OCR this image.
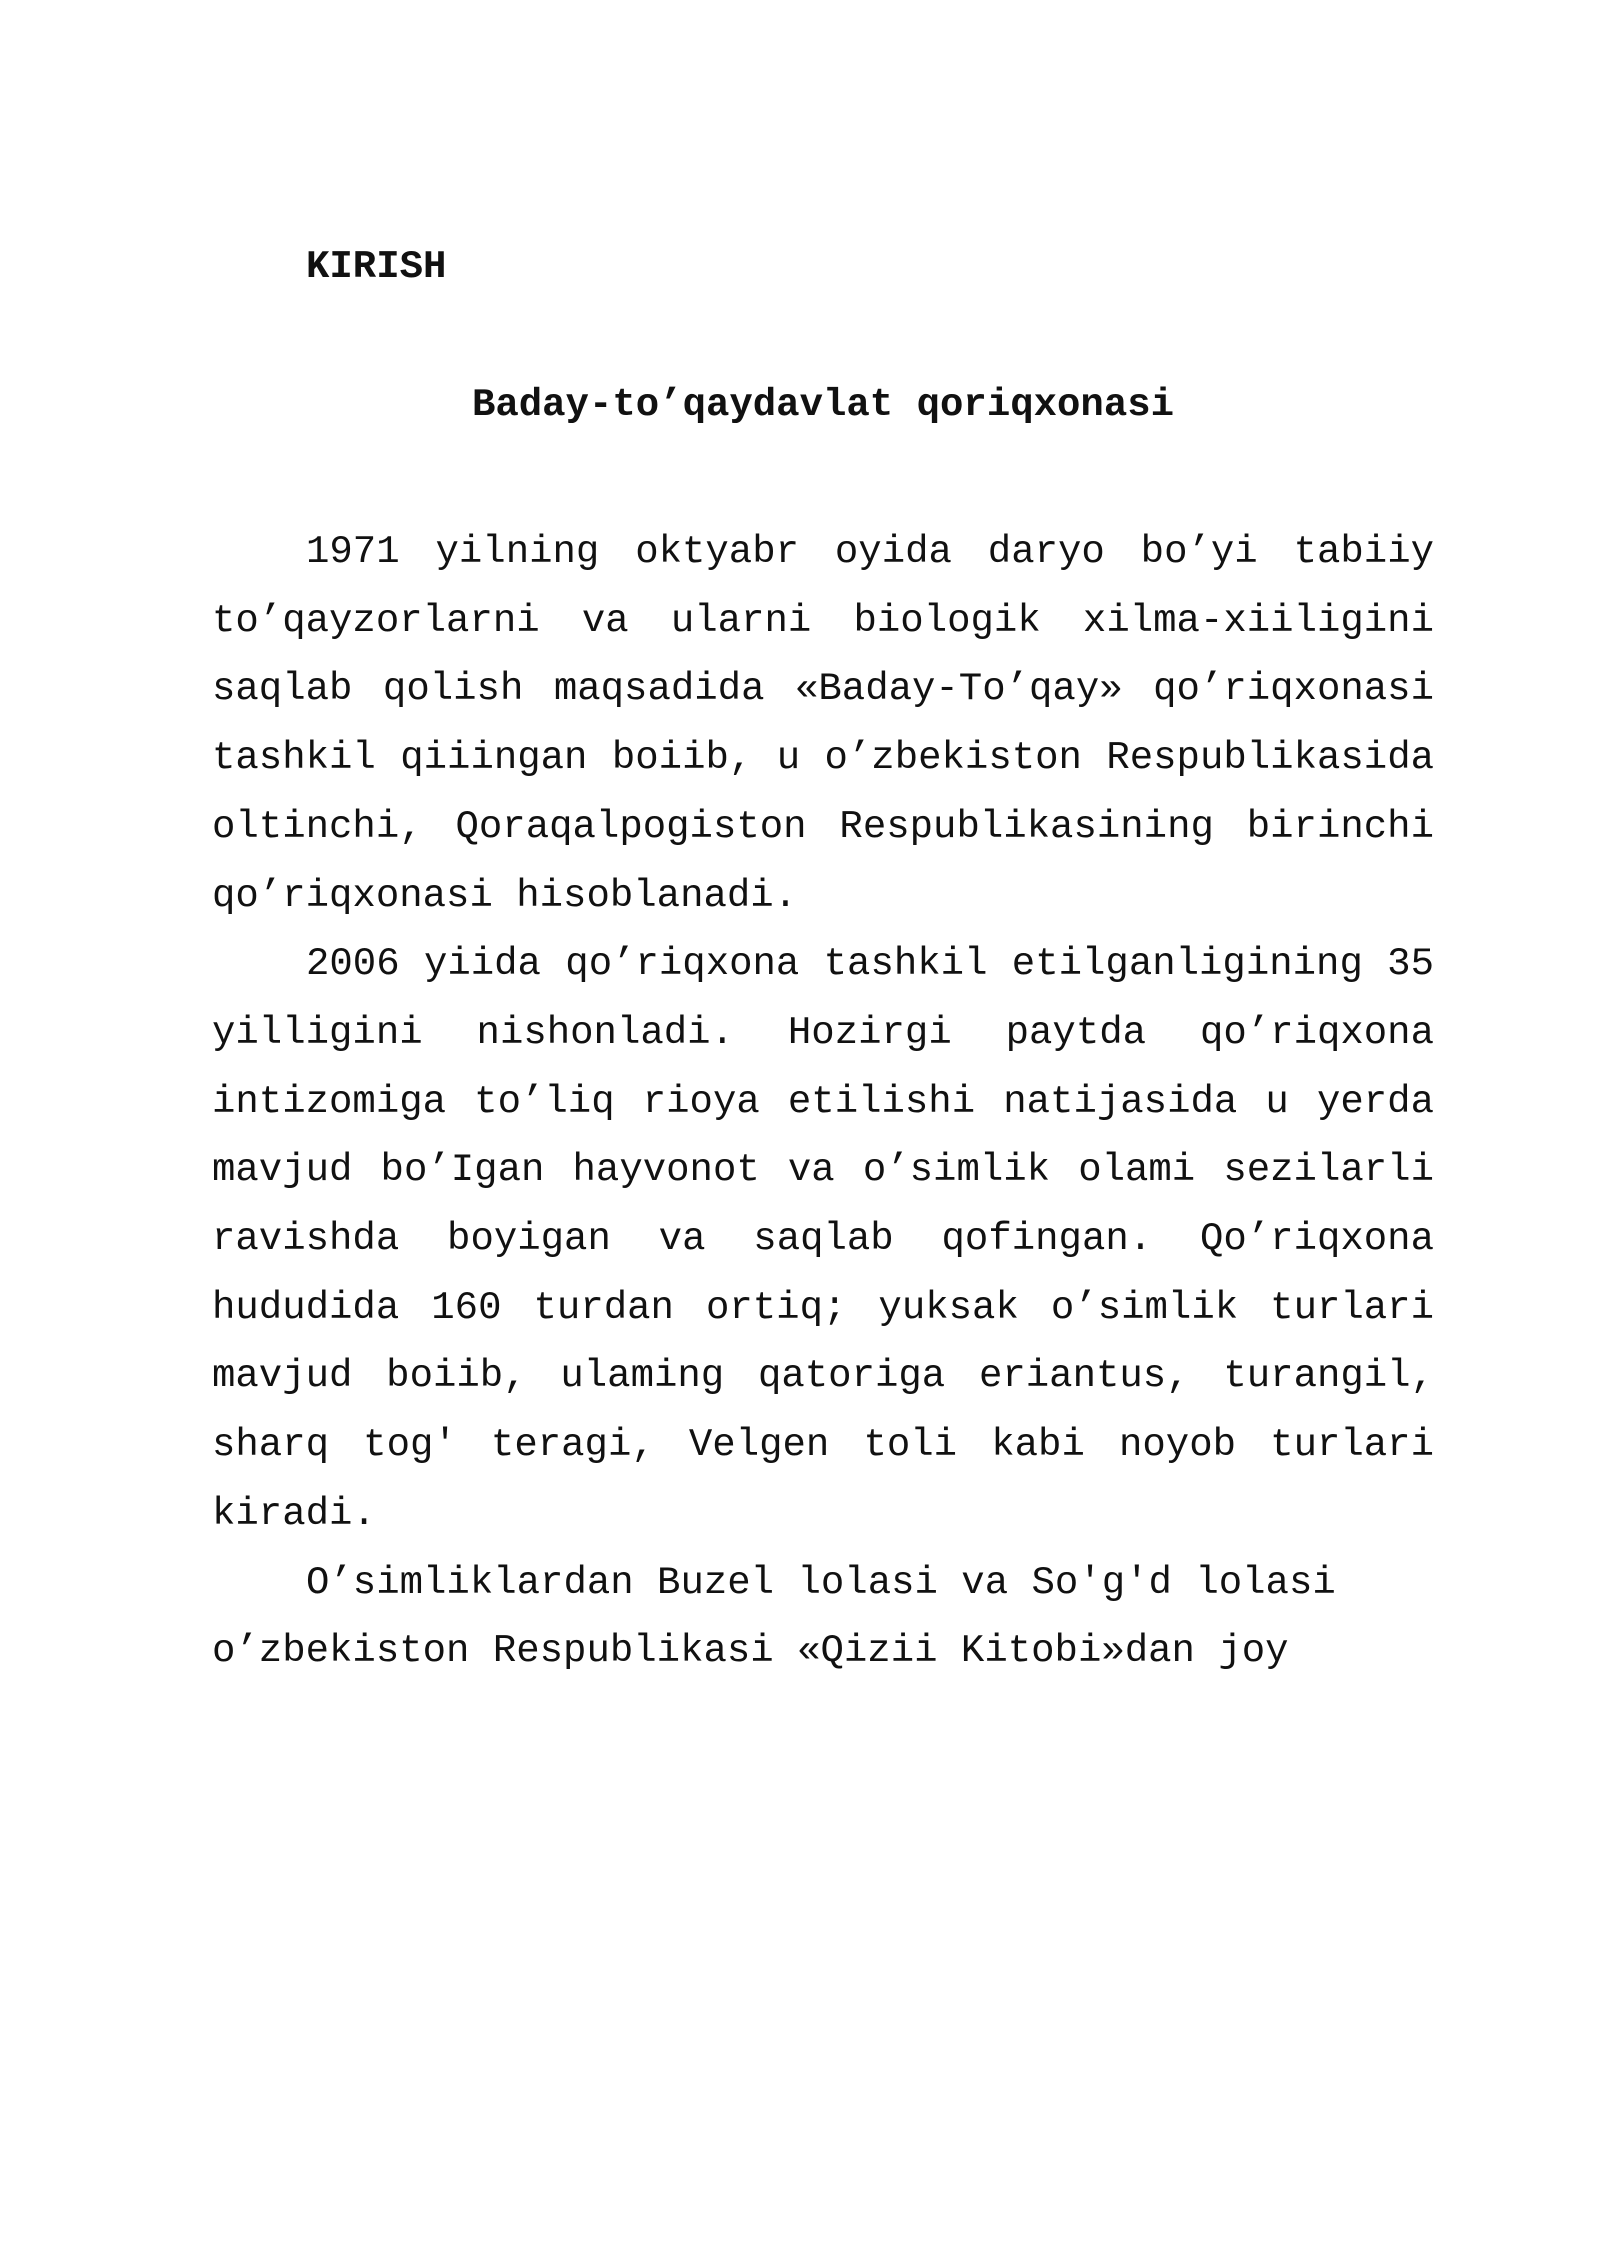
KIRISH
Baday-to’qaydavlat qoriqxonasi

1971 yilning oktyabr oyida daryo bo’yi tabiiy to’qayzorlarni va ularni biologik xilma-xiiligini saqlab qolish maqsadida «Baday-To’qay» qo’riqxonasi tashkil qiiingan boiib, u o’zbekiston Respublikasida oltinchi, Qoraqalpogiston Respublikasining birinchi qo’riqxonasi hisoblanadi.

2006 yiida qo’riqxona tashkil etilganligining 35 yilligini nishonladi. Hozirgi paytda qo’riqxona intizomiga to’liq rioya etilishi natijasida u yerda mavjud bo’Igan hayvonot va o’simlik olami sezilarli ravishda boyigan va saqlab qofingan. Qo’riqxona hududida 160 turdan ortiq; yuksak o’simlik turlari mavjud boiib, ulaming qatoriga eriantus, turangil, sharq tog' teragi, Velgen toli kabi noyob turlari kiradi.

O’simliklardan Buzel lolasi va So'g'd lolasi o’zbekiston Respublikasi «Qizii Kitobi»dan joy
